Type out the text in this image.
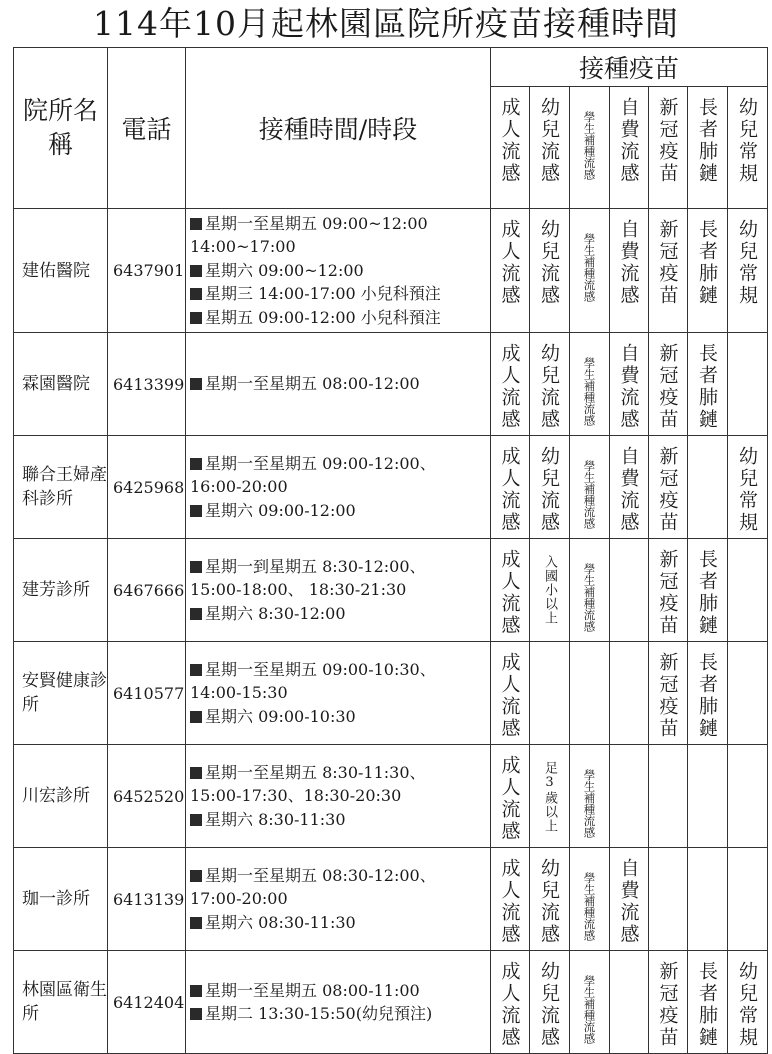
114年10月起林園區院所疫苗接種時間
院所名稱	電話	接種時間/時段	接種疫苗						
			成人流感	幼兒流感	學生補種流感	自費流感	新冠疫苗	長者肺鏈	幼兒常規
建佑醫院	6437901	星期一至星期五 09:00~12:00
14:00~17:00
星期六 09:00~12:00
星期三 14:00-17:00 小兒科預注
星期五 09:00-12:00 小兒科預注	成人流感	幼兒流感	學生補種流感	自費流感	新冠疫苗	長者肺鏈	幼兒常規
霖園醫院	6413399	星期一至星期五 08:00-12:00	成人流感	幼兒流感	學生補種流感	自費流感	新冠疫苗	長者肺鏈	
聯合王婦產科診所	6425968	星期一至星期五 09:00-12:00、
16:00-20:00
星期六 09:00-12:00	成人流感	幼兒流感	學生補種流感	自費流感	新冠疫苗		幼兒常規
建芳診所	6467666	星期一到星期五 8:30-12:00、
15:00-18:00、 18:30-21:30
星期六 8:30-12:00	成人流感	入國小以上	學生補種流感		新冠疫苗	長者肺鏈	
安賢健康診所	6410577	星期一至星期五 09:00-10:30、
14:00-15:30
星期六 09:00-10:30	成人流感				新冠疫苗	長者肺鏈	
川宏診所	6452520	星期一至星期五 8:30-11:30、
15:00-17:30、18:30-20:30
星期六 8:30-11:30	成人流感	足3歲以上	學生補種流感				
珈一診所	6413139	星期一至星期五 08:30-12:00、
17:00-20:00
星期六 08:30-11:30	成人流感	幼兒流感	學生補種流感	自費流感			
林園區衛生所	6412404	星期一至星期五 08:00-11:00
星期二 13:30-15:50(幼兒預注)	成人流感	幼兒流感	學生補種流感		新冠疫苗	長者肺鏈	幼兒常規
